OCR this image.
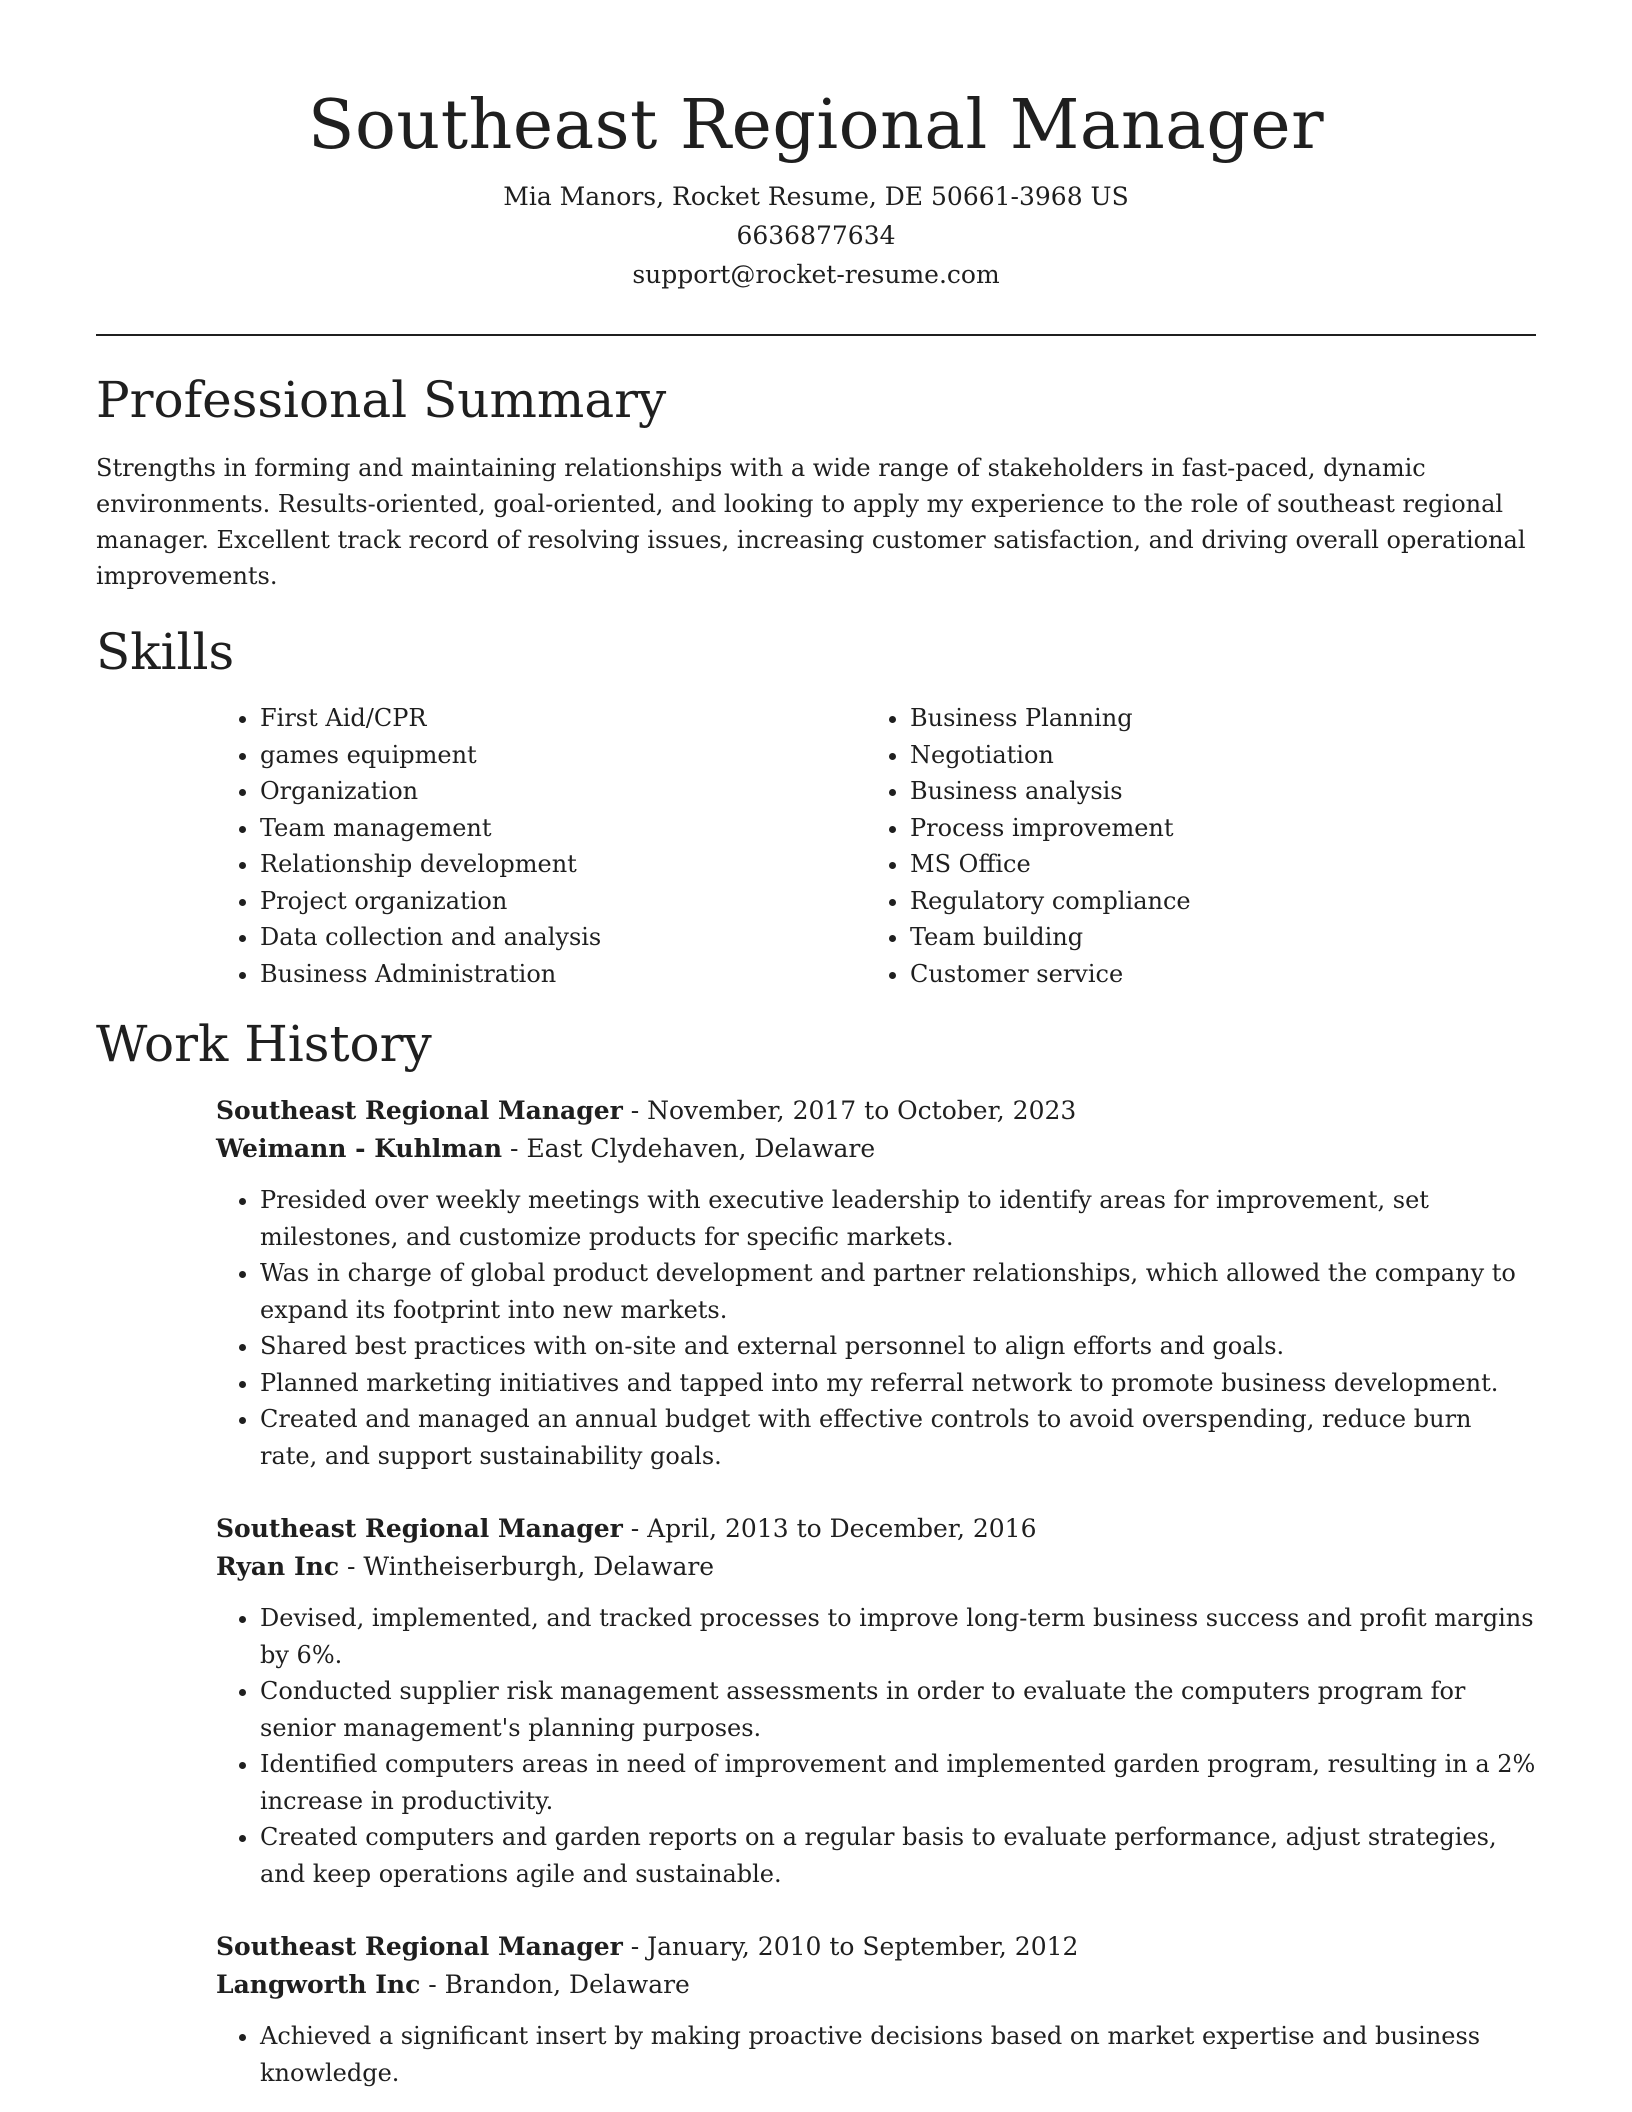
Southeast Regional Manager

Mia Manors, Rocket Resume, DE 50661-3968 US

6636877634

support@rocket-resume.com

Professional Summary

Strengths in forming and maintaining relationships with a wide range of stakeholders in fast-paced, dynamic environments. Results-oriented, goal-oriented, and looking to apply my experience to the role of southeast regional manager. Excellent track record of resolving issues, increasing customer satisfaction, and driving overall operational improvements.

Skills
• First Aid/CPR
• games equipment
• Organization
• Team management
• Relationship development
• Project organization
• Data collection and analysis
• Business Administration
• Business Planning
• Negotiation
• Business analysis
• Process improvement
• MS Office
• Regulatory compliance
• Team building
• Customer service
Work History

Southeast Regional Manager - November, 2017 to October, 2023

Weimann - Kuhlman - East Clydehaven, Delaware

• Presided over weekly meetings with executive leadership to identify areas for improvement, set milestones, and customize products for specific markets.
• Was in charge of global product development and partner relationships, which allowed the company to expand its footprint into new markets.
• Shared best practices with on-site and external personnel to align efforts and goals.
• Planned marketing initiatives and tapped into my referral network to promote business development.
• Created and managed an annual budget with effective controls to avoid overspending, reduce burn rate, and support sustainability goals.

Southeast Regional Manager - April, 2013 to December, 2016

Ryan Inc - Wintheiserburgh, Delaware

• Devised, implemented, and tracked processes to improve long-term business success and profit margins by 6%.
• Conducted supplier risk management assessments in order to evaluate the computers program for senior management's planning purposes.
• Identified computers areas in need of improvement and implemented garden program, resulting in a 2% increase in productivity.
• Created computers and garden reports on a regular basis to evaluate performance, adjust strategies, and keep operations agile and sustainable.

Southeast Regional Manager - January, 2010 to September, 2012

Langworth Inc - Brandon, Delaware

• Achieved a significant insert by making proactive decisions based on market expertise and business knowledge.
